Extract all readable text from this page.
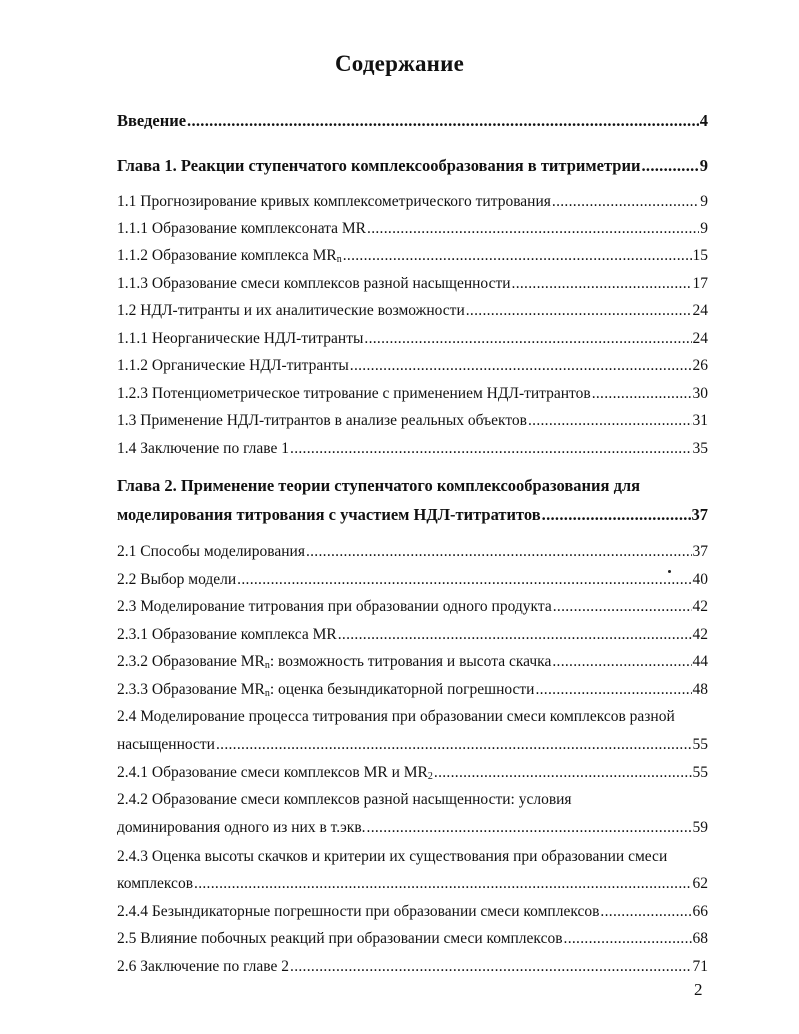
Содержание
Введение .....	4
Глава 1. Реакции ступенчатого комплексообразования в титриметрии .....	9
1.1 Прогнозирование кривых комплексометрического титрования .....	9
1.1.1 Образование комплексоната MR .....	9
1.1.2 Образование комплекса $MR_n$ .....	15
1.1.3 Образование смеси комплексов разной насыщенности .....	17
1.2 НДЛ-титранты и их аналитические возможности .....	24
1.1.1 Неорганические НДЛ-титранты .....	24
1.1.2 Органические НДЛ-титранты .....	26
1.2.3 Потенциометрическое титрование с применением НДЛ-титрантов .....	30
1.3 Применение НДЛ-титрантов в анализе реальных объектов .....	31
1.4 Заключение по главе 1 .....	35
Глава 2. Применение теории ступенчатого комплексообразования для
моделирования титрования с участием НДЛ-титратитов .....	37
2.1 Способы моделирования .....	37
2.2 Выбор модели .....	40
2.3 Моделирование титрования при образовании одного продукта .....	42
2.3.1 Образование комплекса MR .....	42
2.3.2 Образование $MR_n$: возможность титрования и высота скачка .....	44
2.3.3 Образование $MR_n$: оценка безындикаторной погрешности .....	48
2.4 Моделирование процесса титрования при образовании смеси комплексов разной
насыщенности .....	55
2.4.1 Образование смеси комплексов MR и $MR_2$ .....	55
2.4.2 Образование смеси комплексов разной насыщенности: условия
доминирования одного из них в т.экв. .....	59
2.4.3 Оценка высоты скачков и критерии их существования при образовании смеси
комплексов .....	62
2.4.4 Безындикаторные погрешности при образовании смеси комплексов .....	66
2.5 Влияние побочных реакций при образовании смеси комплексов .....	68
2.6 Заключение по главе 2 .....	71
2
